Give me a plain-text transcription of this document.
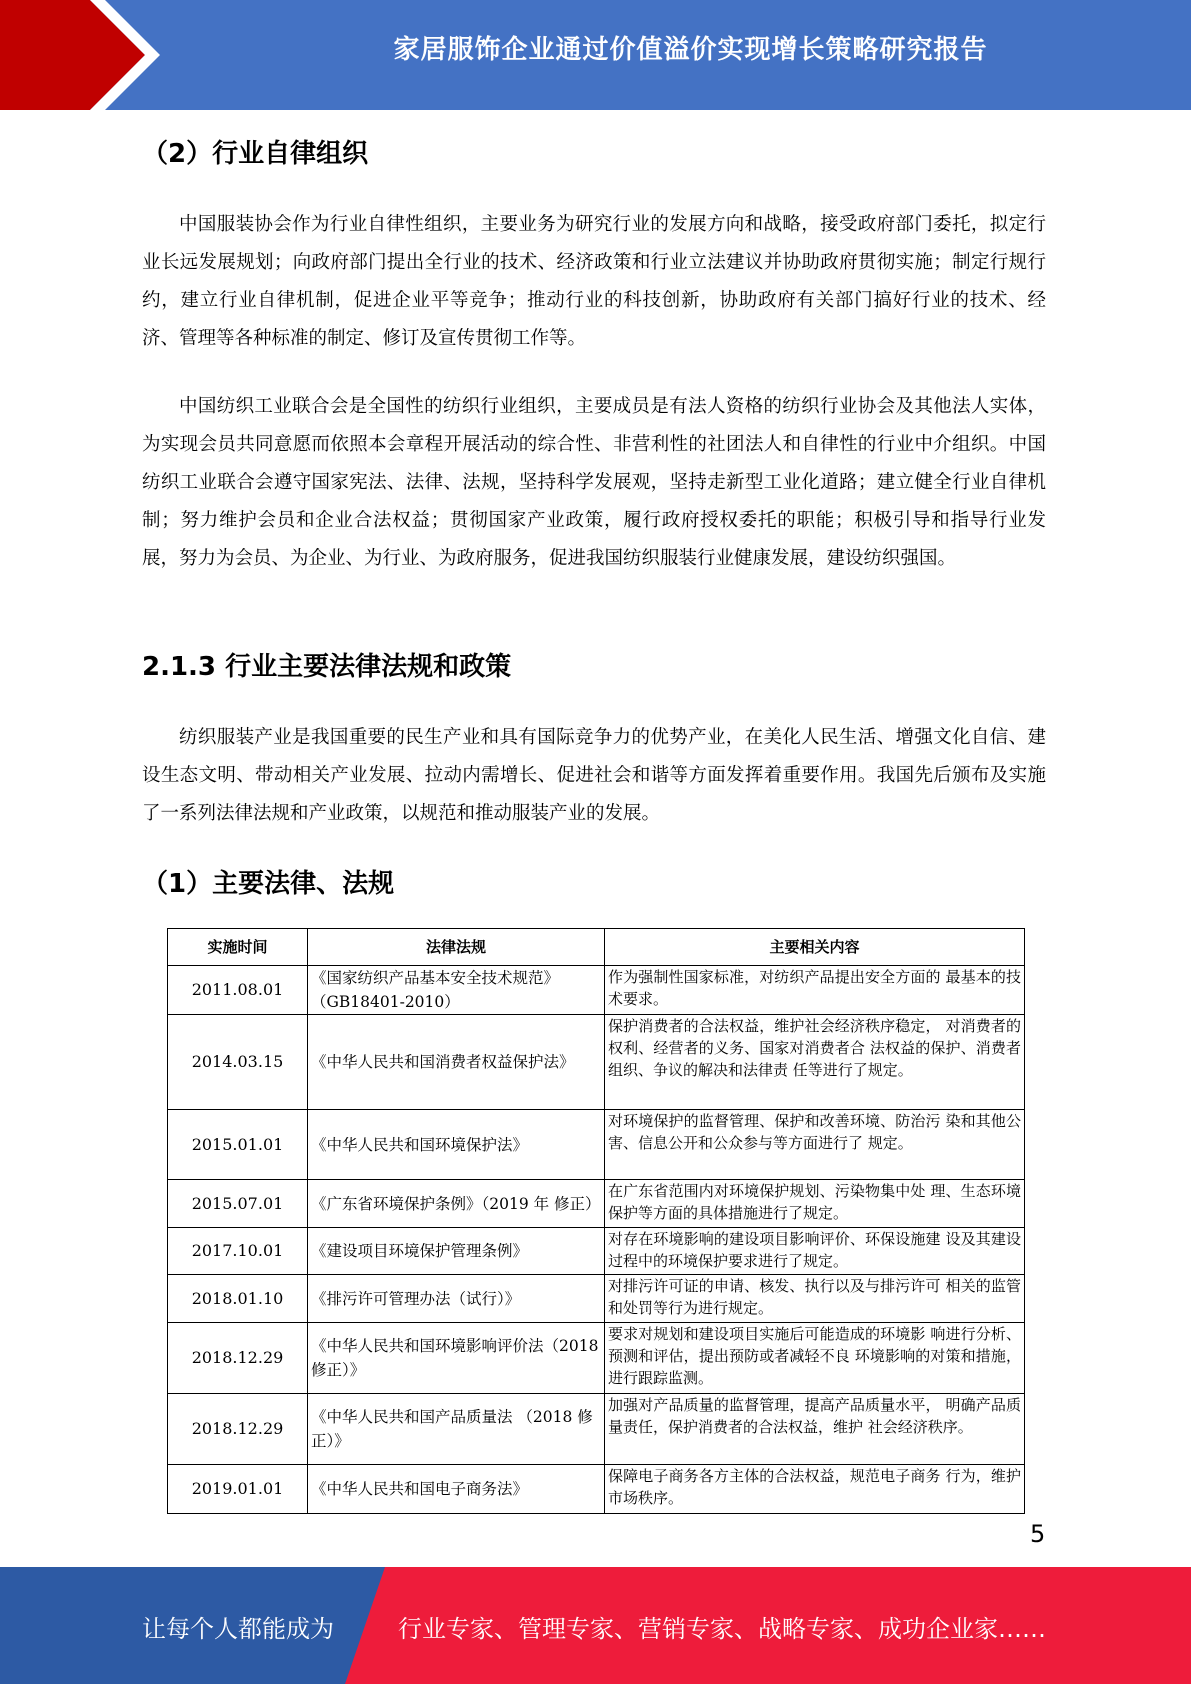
家居服饰企业通过价值溢价实现增长策略研究报告
（2）行业自律组织

中国服装协会作为行业自律性组织，主要业务为研究行业的发展方向和战略，接受政府部门委托，拟定行业长远发展规划；向政府部门提出全行业的技术、经济政策和行业立法建议并协助政府贯彻实施；制定行规行约，建立行业自律机制，促进企业平等竞争；推动行业的科技创新，协助政府有关部门搞好行业的技术、经济、管理等各种标准的制定、修订及宣传贯彻工作等。

中国纺织工业联合会是全国性的纺织行业组织，主要成员是有法人资格的纺织行业协会及其他法人实体，为实现会员共同意愿而依照本会章程开展活动的综合性、非营利性的社团法人和自律性的行业中介组织。中国纺织工业联合会遵守国家宪法、法律、法规，坚持科学发展观，坚持走新型工业化道路；建立健全行业自律机制；努力维护会员和企业合法权益；贯彻国家产业政策，履行政府授权委托的职能；积极引导和指导行业发展，努力为会员、为企业、为行业、为政府服务，促进我国纺织服装行业健康发展，建设纺织强国。

2.1.3 行业主要法律法规和政策

纺织服装产业是我国重要的民生产业和具有国际竞争力的优势产业，在美化人民生活、增强文化自信、建设生态文明、带动相关产业发展、拉动内需增长、促进社会和谐等方面发挥着重要作用。我国先后颁布及实施了一系列法律法规和产业政策，以规范和推动服装产业的发展。

（1）主要法律、法规
实施时间	法律法规	主要相关内容
2011.08.01	《国家纺织产品基本安全技术规范》（GB18401-2010）	作为强制性国家标准，对纺织产品提出安全方面的 最基本的技术要求。
2014.03.15	《中华人民共和国消费者权益保护法》	保护消费者的合法权益，维护社会经济秩序稳定， 对消费者的权利、经营者的义务、国家对消费者合 法权益的保护、消费者组织、争议的解决和法律责 任等进行了规定。
2015.01.01	《中华人民共和国环境保护法》	对环境保护的监督管理、保护和改善环境、防治污 染和其他公害、信息公开和公众参与等方面进行了 规定。
2015.07.01	《广东省环境保护条例》（2019 年 修正）	在广东省范围内对环境保护规划、污染物集中处 理、生态环境保护等方面的具体措施进行了规定。
2017.10.01	《建设项目环境保护管理条例》	对存在环境影响的建设项目影响评价、环保设施建 设及其建设过程中的环境保护要求进行了规定。
2018.01.10	《排污许可管理办法（试行）》	对排污许可证的申请、核发、执行以及与排污许可 相关的监管和处罚等行为进行规定。
2018.12.29	《中华人民共和国环境影响评价法（2018 修正）》	要求对规划和建设项目实施后可能造成的环境影 响进行分析、预测和评估，提出预防或者减轻不良 环境影响的对策和措施，进行跟踪监测。
2018.12.29	《中华人民共和国产品质量法 （2018 修正）》	加强对产品质量的监督管理，提高产品质量水平， 明确产品质量责任，保护消费者的合法权益，维护 社会经济秩序。
2019.01.01	《中华人民共和国电子商务法》	保障电子商务各方主体的合法权益，规范电子商务 行为，维护市场秩序。
5
让每个人都能成为	行业专家、管理专家、营销专家、战略专家、成功企业家……
